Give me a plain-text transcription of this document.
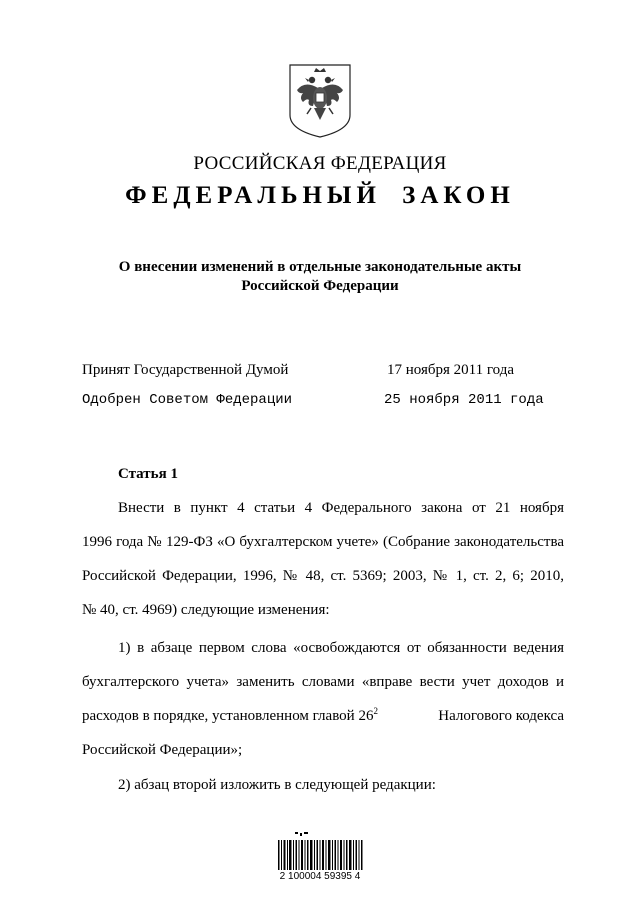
РОССИЙСКАЯ ФЕДЕРАЦИЯ
ФЕДЕРАЛЬНЫЙ ЗАКОН
О внесении изменений в отдельные законодательные акты
Российской Федерации
Принят Государственной Думой	17 ноября 2011 года
Одобрен Советом Федерации	25 ноября 2011 года
Статья 1
Внести в пункт 4 статьи 4 Федерального закона от 21 ноября
1996 года № 129-ФЗ «О бухгалтерском учете» (Собрание законодательства
Российской Федерации, 1996, № 48, ст. 5369; 2003, № 1, ст. 2, 6; 2010,
№ 40, ст. 4969) следующие изменения:
1) в абзаце первом слова «освобождаются от обязанности ведения
бухгалтерского учета» заменить словами «вправе вести учет доходов и
расходов в порядке, установленном главой $26^2$	Налогового кодекса
Российской Федерации»;
2) абзац второй изложить в следующей редакции:
2 100004 59395 4
